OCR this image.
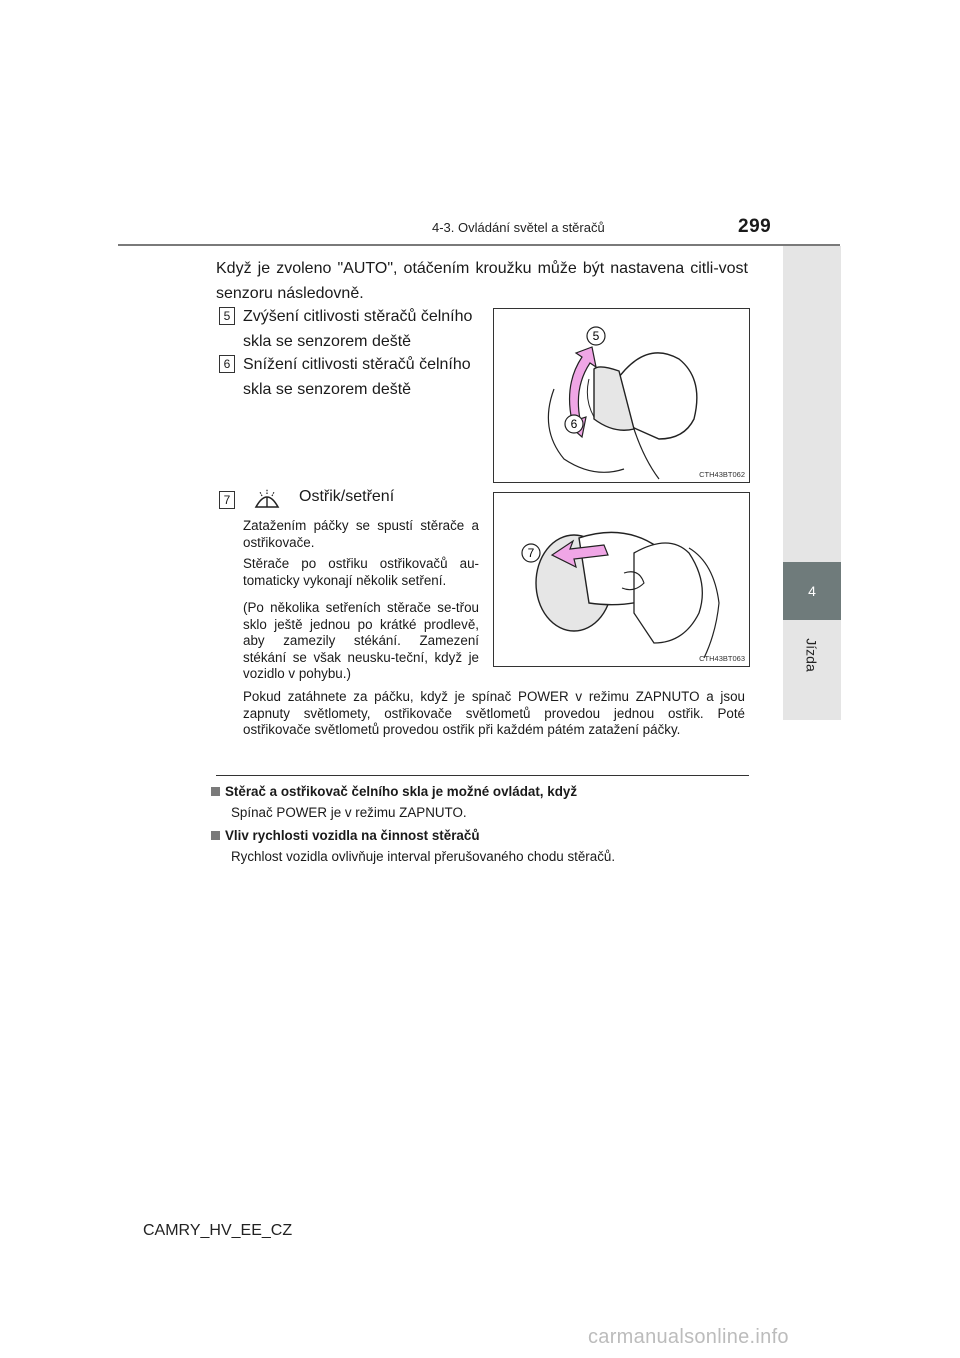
4-3. Ovládání světel a stěračů	299
4
Jízda
Když je zvoleno "AUTO", otáčením kroužku může být nastavena citli-vost senzoru následovně.
5 Zvýšení citlivosti stěračů čelního skla se senzorem deště
6 Snížení citlivosti stěračů čelního skla se senzorem deště
7	Ostřik/setření
Zatažením páčky se spustí stěrače a ostřikovače.
Stěrače po ostřiku ostřikovačů au-tomaticky vykonají několik setření.
(Po několika setřeních stěrače se-třou sklo ještě jednou po krátké prodlevě, aby zamezily stékání. Zamezení stékání se však neusku-teční, když je vozidlo v pohybu.)
Pokud zatáhnete za páčku, když je spínač POWER v režimu ZAPNUTO a jsou zapnuty světlomety, ostřikovače světlometů provedou jednou ostřik. Poté ostřikovače světlometů provedou ostřik při každém pátém zatažení páčky.
5
6
CTH43BT062
7
CTH43BT063
Stěrač a ostřikovač čelního skla je možné ovládat, když
Spínač POWER je v režimu ZAPNUTO.
Vliv rychlosti vozidla na činnost stěračů
Rychlost vozidla ovlivňuje interval přerušovaného chodu stěračů.
CAMRY_HV_EE_CZ
carmanualsonline.info
